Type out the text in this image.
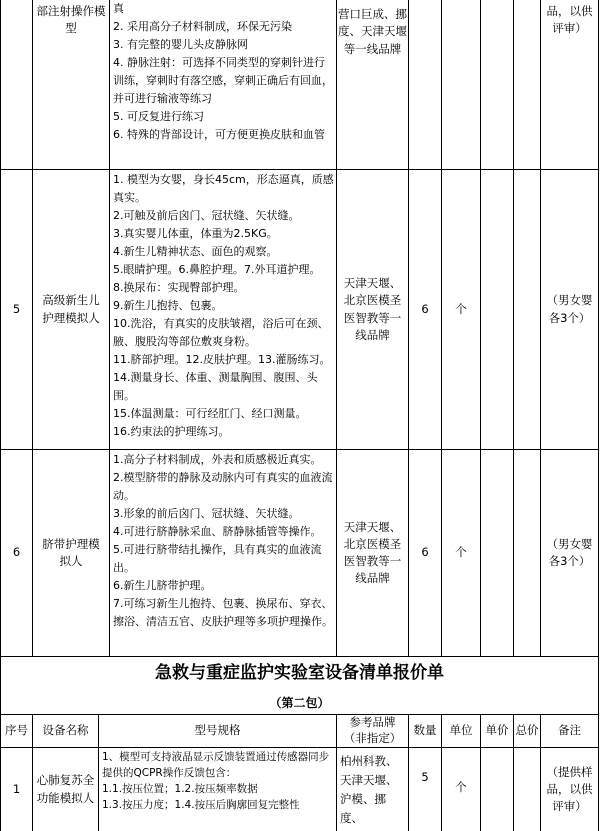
部注射操作模型
真
2. 采用高分子材料制成，环保无污染
3. 有完整的婴儿头皮静脉网
4. 静脉注射：可选择不同类型的穿刺针进行训练，穿刺时有落空感，穿刺正确后有回血，并可进行输液等练习
5. 可反复进行练习
6. 特殊的背部设计，可方便更换皮肤和血管
营口巨成、挪度、天津天堰等一线品牌
品，以供评审）
5
高级新生儿护理模拟人
1. 模型为女婴，身长45cm，形态逼真，质感真实。
2.可触及前后囟门、冠状缝、矢状缝。
3.真实婴儿体重，体重为2.5KG。
4.新生儿精神状态、面色的观察。
5.眼睛护理。6.鼻腔护理。7.外耳道护理。
8.换尿布：实现臀部护理。
9.新生儿抱持、包裹。
10.洗浴，有真实的皮肤皱褶，浴后可在颈、腋、腹股沟等部位敷爽身粉。
11.脐部护理。12.皮肤护理。13.灌肠练习。
14.测量身长、体重、测量胸围、腹围、头围。
15.体温测量：可行经肛门、经口测量。
16.约束法的护理练习。
天津天堰、北京医模圣医智教等一线品牌
6 个
（男女婴各3个）
6
脐带护理模拟人
1.高分子材料制成，外表和质感极近真实。
2.模型脐带的静脉及动脉内可有真实的血液流动。
3.形象的前后囟门、冠状缝、矢状缝。
4.可进行脐静脉采血、脐静脉插管等操作。
5.可进行脐带结扎操作，具有真实的血液流出。
6.新生儿脐带护理。
7.可练习新生儿抱持、包裹、换尿布、穿衣、擦浴、清洁五官、皮肤护理等多项护理操作。
天津天堰、北京医模圣医智教等一线品牌
6 个
（男女婴各3个）
急救与重症监护实验室设备清单报价单
（第二包）
序号 设备名称	型号规格
参考品牌（非指定）
数量 单位 单价 总价 备注
1
心肺复苏全功能模拟人
1、模型可支持液晶显示反馈装置通过传感器同步提供的QCPR操作反馈包含：
1.1.按压位置；1.2.按压频率数据
1.3.按压力度；1.4.按压后胸廓回复完整性
柏州科教、天津天堰、沪模、挪度、
5
个
（提供样品，以供评审）
